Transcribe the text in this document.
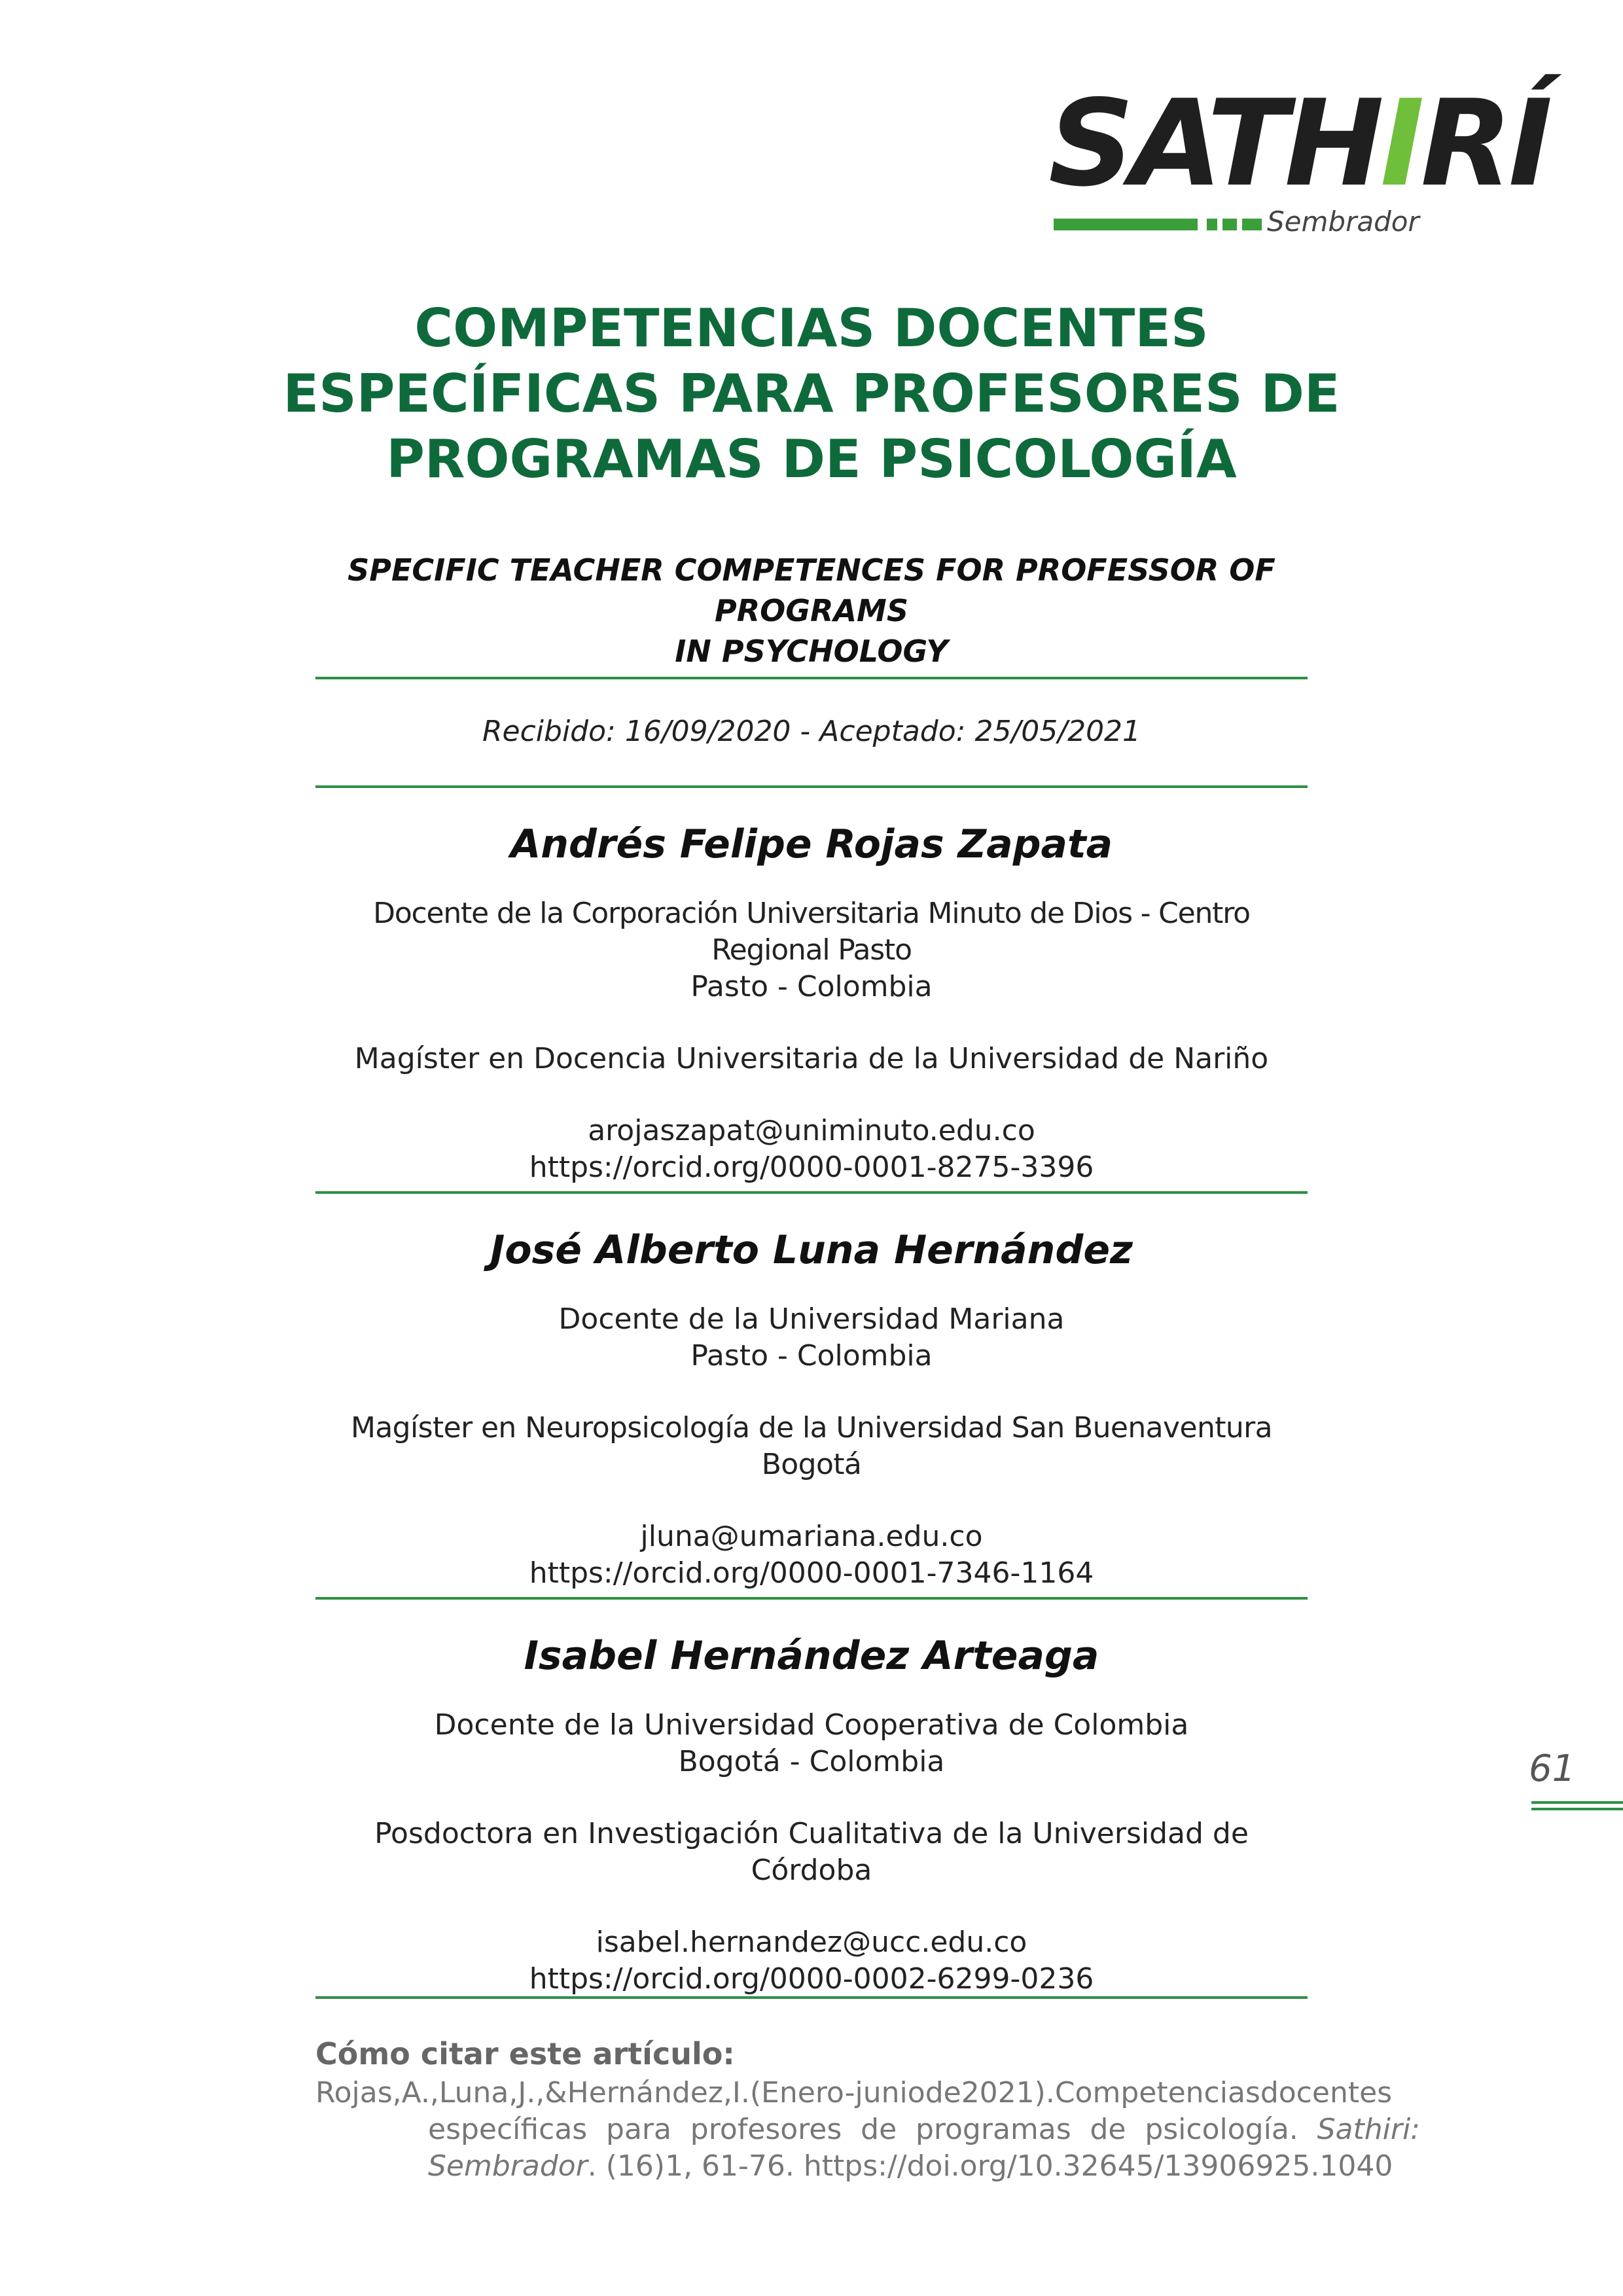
SATHIRÍ
Sembrador
COMPETENCIAS DOCENTES
ESPECÍFICAS PARA PROFESORES DE
PROGRAMAS DE PSICOLOGÍA

SPECIFIC TEACHER COMPETENCES FOR PROFESSOR OF PROGRAMS
IN PSYCHOLOGY

Recibido: 16/09/2020 - Aceptado: 25/05/2021

Andrés Felipe Rojas Zapata

Docente de la Corporación Universitaria Minuto de Dios - Centro Regional Pasto

Pasto - Colombia

Magíster en Docencia Universitaria de la Universidad de Nariño

arojaszapat@uniminuto.edu.co

https://orcid.org/0000-0001-8275-3396

José Alberto Luna Hernández

Docente de la Universidad Mariana

Pasto - Colombia

Magíster en Neuropsicología de la Universidad San Buenaventura Bogotá

jluna@umariana.edu.co

https://orcid.org/0000-0001-7346-1164

Isabel Hernández Arteaga

Docente de la Universidad Cooperativa de Colombia

Bogotá - Colombia

Posdoctora en Investigación Cualitativa de la Universidad de Córdoba

isabel.hernandez@ucc.edu.co

https://orcid.org/0000-0002-6299-0236

61
Cómo citar este artículo:

Rojas,A.,Luna,J.,&Hernández,I.(Enero-juniode2021).Competenciasdocentes específicas para profesores de programas de psicología. Sathiri: Sembrador. (16)1, 61-76. https://doi.org/10.32645/13906925.1040
